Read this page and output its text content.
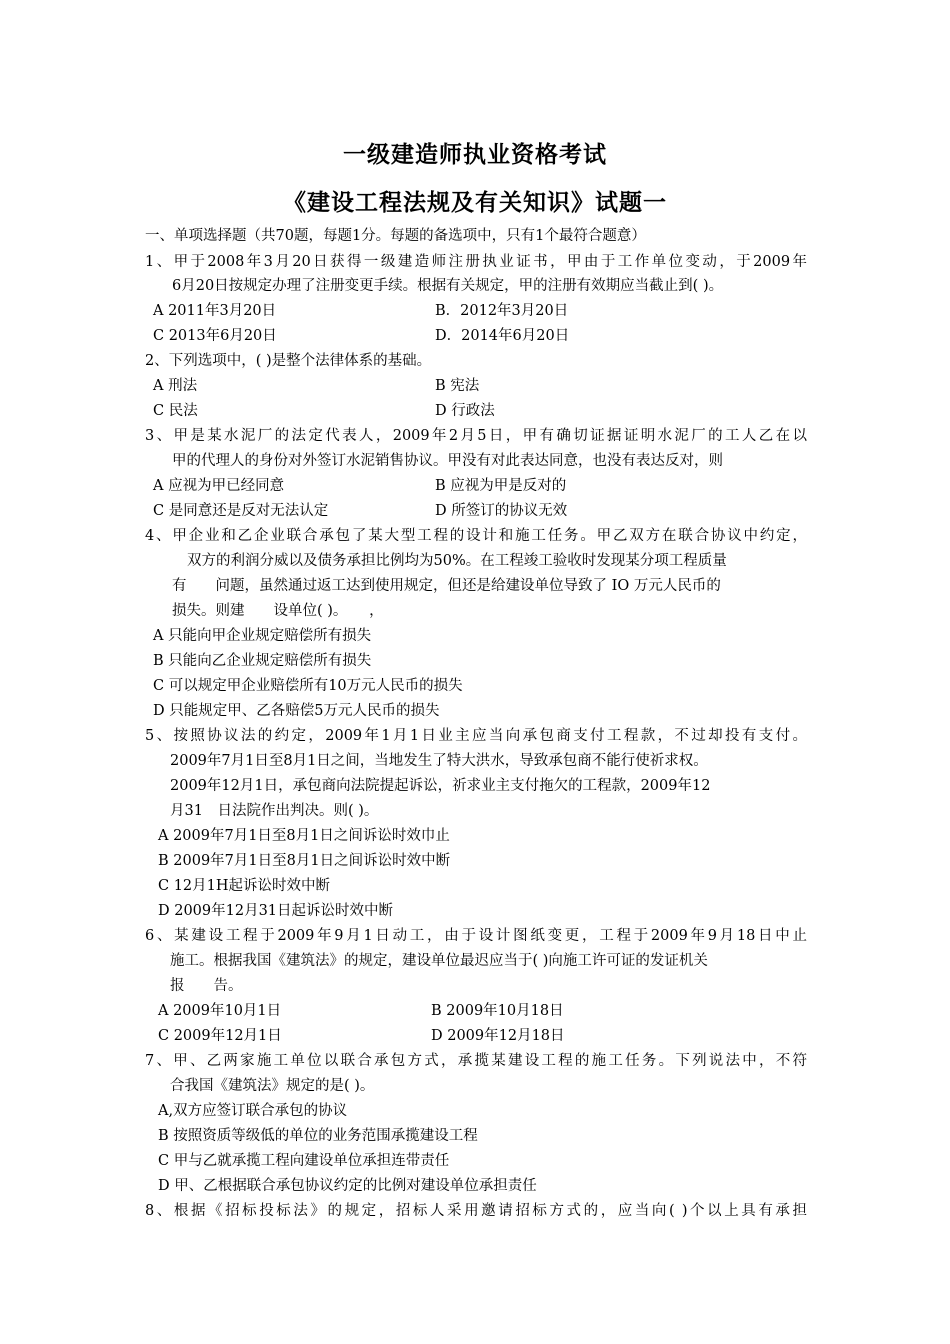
一级建造师执业资格考试
《建设工程法规及有关知识》试题一
一、单项选择题（共70题，每题1分。每题的备选项中，只有1个最符合题意）
1、甲于2008年3月20日获得一级建造师注册执业证书，甲由于工作单位变动，于2009年
6月20日按规定办理了注册变更手续。根据有关规定，甲的注册有效期应当截止到( )。
A 2011年3月20日	B．2012年3月20日
C 2013年6月20日	D．2014年6月20日
2、下列选项中，( )是整个法律体系的基础。
A 刑法	B 宪法
C 民法	D 行政法
3、甲是某水泥厂的法定代表人，2009年2月5日，甲有确切证据证明水泥厂的工人乙在以
甲的代理人的身份对外签订水泥销售协议。甲没有对此表达同意，也没有表达反对，则
A 应视为甲已经同意	B 应视为甲是反对的
C 是同意还是反对无法认定	D 所签订的协议无效
4、甲企业和乙企业联合承包了某大型工程的设计和施工任务。甲乙双方在联合协议中约定，
双方的利润分威以及债务承担比例均为50%。在工程竣工验收时发现某分项工程质量
有　　问题，虽然通过返工达到使用规定，但还是给建设单位导致了 IO 万元人民币的
损失。则建　　设单位( )。　　，
A 只能向甲企业规定赔偿所有损失
B 只能向乙企业规定赔偿所有损失
C 可以规定甲企业赔偿所有10万元人民币的损失
D 只能规定甲、乙各赔偿5万元人民币的损失
5、按照协议法的约定，2009年1月1日业主应当向承包商支付工程款，不过却投有支付。
2009年7月1日至8月1日之间，当地发生了特大洪水，导致承包商不能行使祈求权。
2009年12月1日，承包商向法院提起诉讼，祈求业主支付拖欠的工程款，2009年12
月31　日法院作出判决。则( )。
A 2009年7月1日至8月1日之间诉讼时效巾止
B 2009年7月1日至8月1日之间诉讼时效中断
C 12月1H起诉讼时效中断
D 2009年12月31日起诉讼时效中断
6、某建设工程于2009年9月1日动工，由于设计图纸变更，工程于2009年9月18日中止
施工。根据我国《建筑法》的规定，建设单位最迟应当于( )向施工许可证的发证机关
报　　告。
A 2009年10月1日	B 2009年10月18日
C 2009年12月1日	D 2009年12月18日
7、甲、乙两家施工单位以联合承包方式，承揽某建设工程的施工任务。下列说法中，不符
合我国《建筑法》规定的是( )。
A,双方应签订联合承包的协议
B 按照资质等级低的单位的业务范围承揽建设工程
C 甲与乙就承揽工程向建设单位承担连带责任
D 甲、乙根据联合承包协议约定的比例对建设单位承担责任
8、根据《招标投标法》的规定，招标人采用邀请招标方式的，应当向( )个以上具有承担
